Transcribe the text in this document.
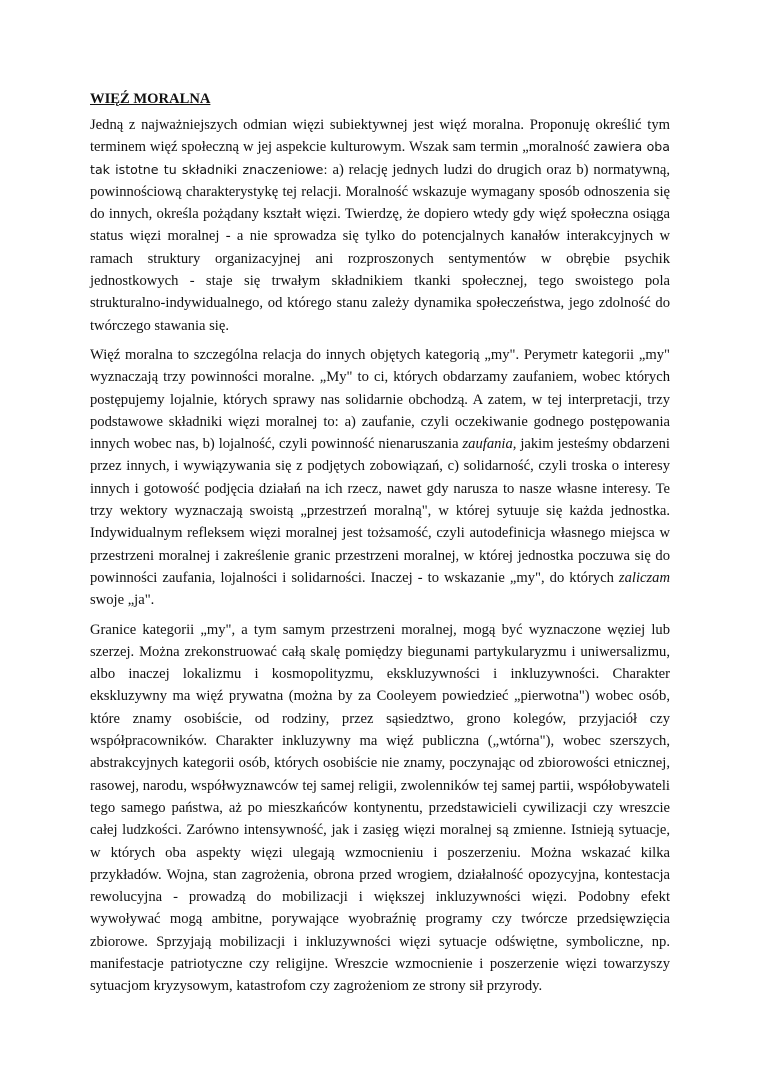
WIĘŹ MORALNA

Jedną z najważniejszych odmian więzi subiektywnej jest więź moralna. Proponuję określić tym terminem więź społeczną w jej aspekcie kulturowym. Wszak sam termin „moralność zawiera oba tak istotne tu składniki znaczeniowe: a) relację jednych ludzi do drugich oraz b) normatywną, powinnościową charakterystykę tej relacji. Moralność wskazuje wymagany sposób odnoszenia się do innych, określa pożądany kształt więzi. Twierdzę, że dopiero wtedy gdy więź społeczna osiąga status więzi moralnej - a nie sprowadza się tylko do potencjalnych kanałów interakcyjnych w ramach struktury organizacyjnej ani rozproszonych sentymentów w obrębie psychik jednostkowych - staje się trwałym składnikiem tkanki społecznej, tego swoistego pola strukturalno-indywidualnego, od którego stanu zależy dynamika społeczeństwa, jego zdolność do twórczego stawania się.

Więź moralna to szczególna relacja do innych objętych kategorią „my". Perymetr kategorii „my" wyznaczają trzy powinności moralne. „My" to ci, których obdarzamy zaufaniem, wobec których postępujemy lojalnie, których sprawy nas solidarnie obchodzą. A zatem, w tej interpretacji, trzy podstawowe składniki więzi moralnej to: a) zaufanie, czyli oczekiwanie godnego postępowania innych wobec nas, b) lojalność, czyli powinność nienaruszania zaufania, jakim jesteśmy obdarzeni przez innych, i wywiązywania się z podjętych zobowiązań, c) solidarność, czyli troska o interesy innych i gotowość podjęcia działań na ich rzecz, nawet gdy narusza to nasze własne interesy. Te trzy wektory wyznaczają swoistą „przestrzeń moralną", w której sytuuje się każda jednostka. Indywidualnym refleksem więzi moralnej jest tożsamość, czyli autodefinicja własnego miejsca w przestrzeni moralnej i zakreślenie granic przestrzeni moralnej, w której jednostka poczuwa się do powinności zaufania, lojalności i solidarności. Inaczej - to wskazanie „my", do których zaliczam swoje „ja".

Granice kategorii „my", a tym samym przestrzeni moralnej, mogą być wyznaczone węziej lub szerzej. Można zrekonstruować całą skalę pomiędzy biegunami partykularyzmu i uniwersalizmu, albo inaczej lokalizmu i kosmopolityzmu, ekskluzywności i inkluzywności. Charakter ekskluzywny ma więź prywatna (można by za Cooleyem powiedzieć „pierwotna") wobec osób, które znamy osobiście, od rodziny, przez sąsiedztwo, grono kolegów, przyjaciół czy współpracowników. Charakter inkluzywny ma więź publiczna („wtórna"), wobec szerszych, abstrakcyjnych kategorii osób, których osobiście nie znamy, poczynając od zbiorowości etnicznej, rasowej, narodu, współwyznawców tej samej religii, zwolenników tej samej partii, współobywateli tego samego państwa, aż po mieszkańców kontynentu, przedstawicieli cywilizacji czy wreszcie całej ludzkości. Zarówno intensywność, jak i zasięg więzi moralnej są zmienne. Istnieją sytuacje, w których oba aspekty więzi ulegają wzmocnieniu i poszerzeniu. Można wskazać kilka przykładów. Wojna, stan zagrożenia, obrona przed wrogiem, działalność opozycyjna, kontestacja rewolucyjna - prowadzą do mobilizacji i większej inkluzywności więzi. Podobny efekt wywoływać mogą ambitne, porywające wyobraźnię programy czy twórcze przedsięwzięcia zbiorowe. Sprzyjają mobilizacji i inkluzywności więzi sytuacje odświętne, symboliczne, np. manifestacje patriotyczne czy religijne. Wreszcie wzmocnienie i poszerzenie więzi towarzyszy sytuacjom kryzysowym, katastrofom czy zagrożeniom ze strony sił przyrody.
